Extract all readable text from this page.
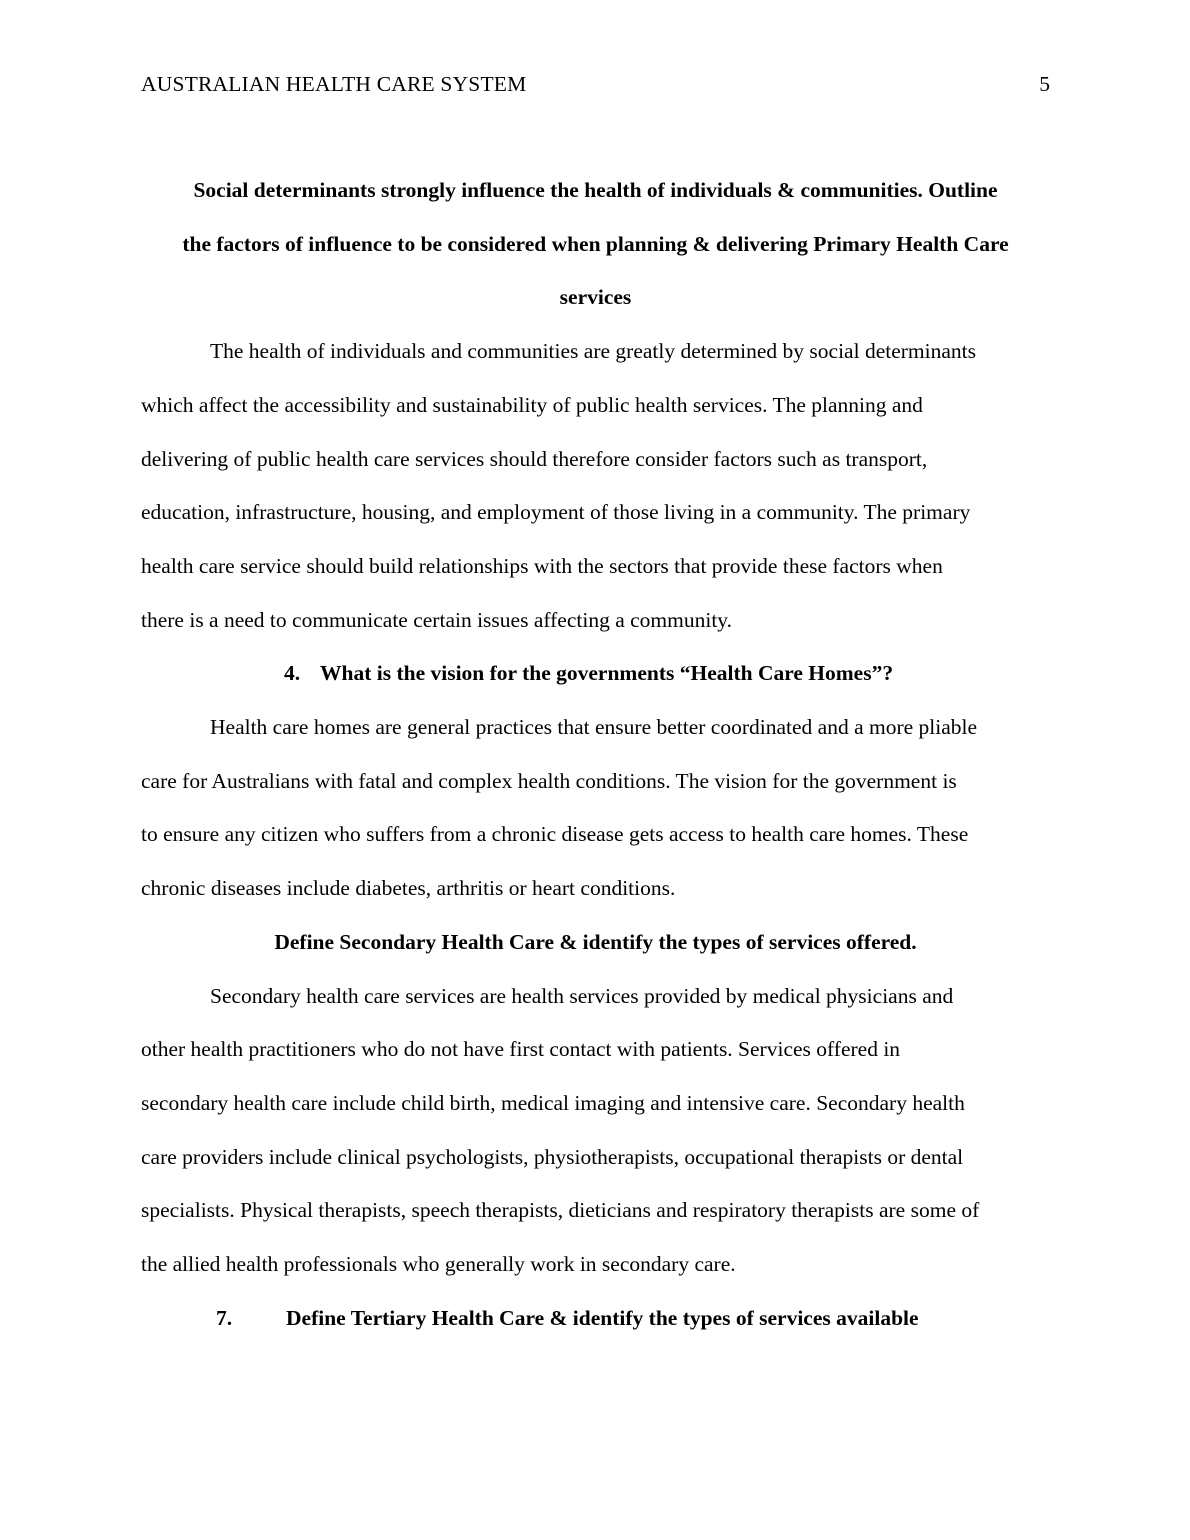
AUSTRALIAN HEALTH CARE SYSTEM	5

Social determinants strongly influence the health of individuals & communities. Outline
the factors of influence to be considered when planning & delivering Primary Health Care
services

The health of individuals and communities are greatly determined by social determinants
which affect the accessibility and sustainability of public health services. The planning and
delivering of public health care services should therefore consider factors such as transport,
education, infrastructure, housing, and employment of those living in a community. The primary
health care service should build relationships with the sectors that provide these factors when
there is a need to communicate certain issues affecting a community.

4. What is the vision for the governments “Health Care Homes”?

Health care homes are general practices that ensure better coordinated and a more pliable
care for Australians with fatal and complex health conditions. The vision for the government is
to ensure any citizen who suffers from a chronic disease gets access to health care homes. These
chronic diseases include diabetes, arthritis or heart conditions.

Define Secondary Health Care & identify the types of services offered.

Secondary health care services are health services provided by medical physicians and
other health practitioners who do not have first contact with patients. Services offered in
secondary health care include child birth, medical imaging and intensive care. Secondary health
care providers include clinical psychologists, physiotherapists, occupational therapists or dental
specialists. Physical therapists, speech therapists, dieticians and respiratory therapists are some of
the allied health professionals who generally work in secondary care.

7.	Define Tertiary Health Care & identify the types of services available
